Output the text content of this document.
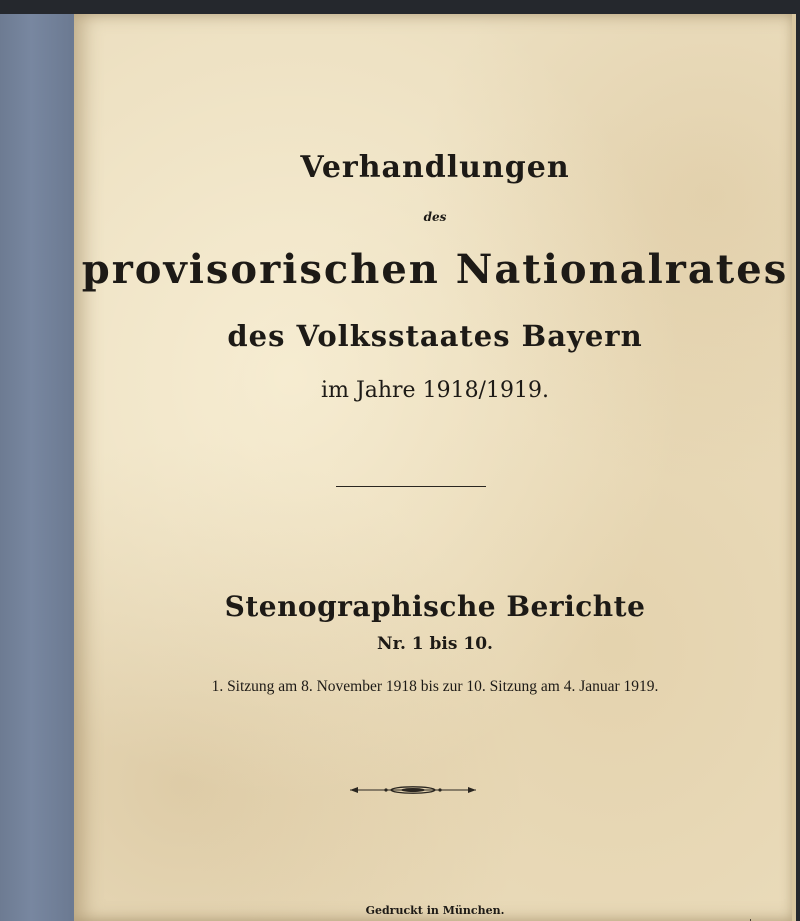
Verhandlungen
des
provisorischen Nationalrates
des Volksstaates Bayern
im Jahre 1918/1919.
Stenographische Berichte
Nr. 1 bis 10.
1. Sitzung am 8. November 1918 bis zur 10. Sitzung am 4. Januar 1919.
Gedruckt in München.
